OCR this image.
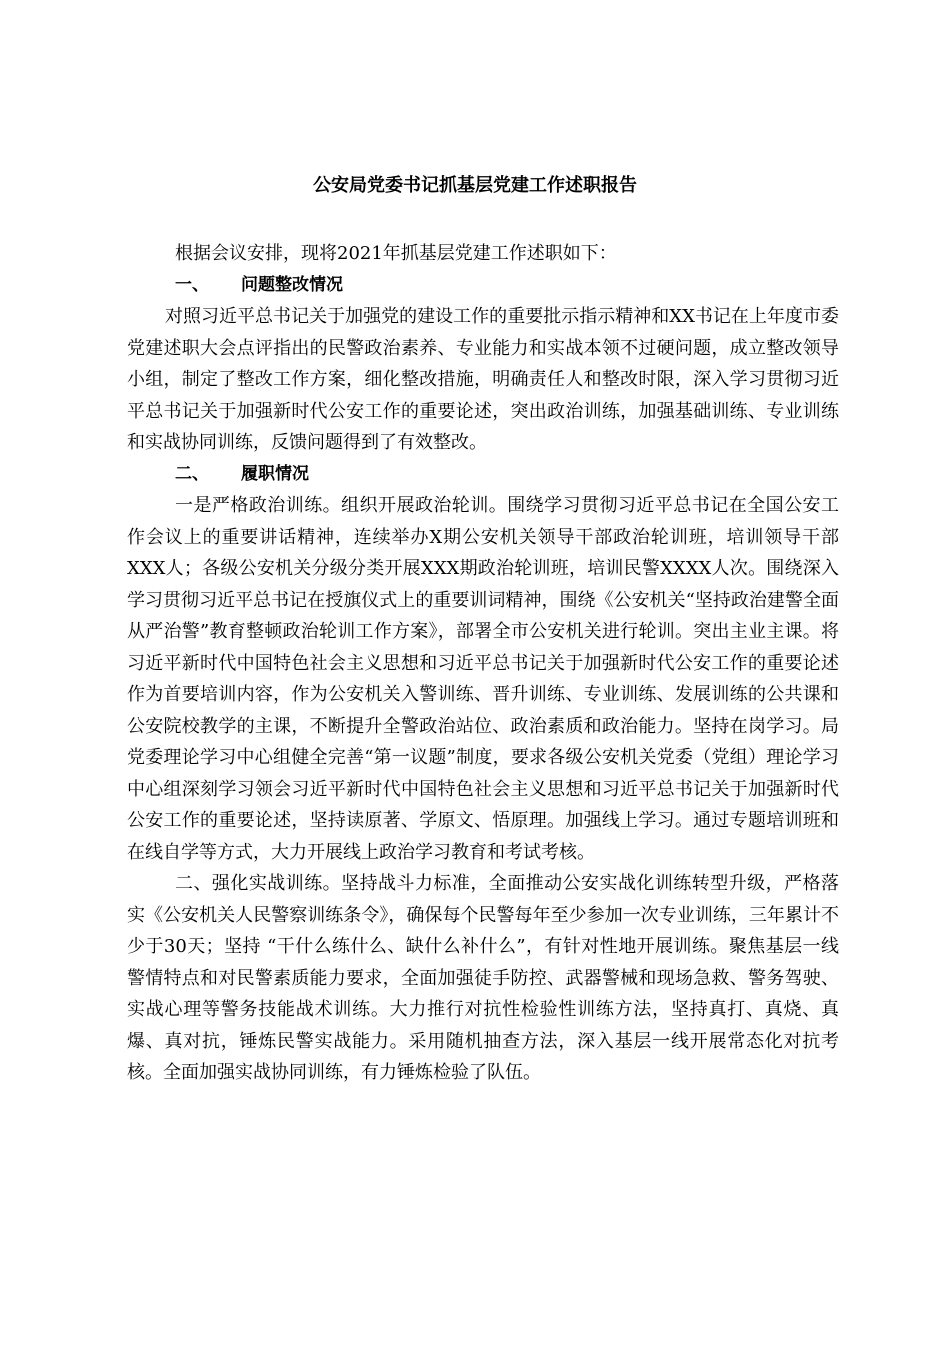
公安局党委书记抓基层党建工作述职报告

根据会议安排，现将2021年抓基层党建工作述职如下：

一、 问题整改情况

对照习近平总书记关于加强党的建设工作的重要批示指示精神和XX书记在上年度市委党建述职大会点评指出的民警政治素养、专业能力和实战本领不过硬问题，成立整改领导小组，制定了整改工作方案，细化整改措施，明确责任人和整改时限，深入学习贯彻习近平总书记关于加强新时代公安工作的重要论述，突出政治训练，加强基础训练、专业训练和实战协同训练，反馈问题得到了有效整改。

二、 履职情况

一是严格政治训练。组织开展政治轮训。围绕学习贯彻习近平总书记在全国公安工作会议上的重要讲话精神，连续举办X期公安机关领导干部政治轮训班，培训领导干部XXX人；各级公安机关分级分类开展XXX期政治轮训班，培训民警XXXX人次。围绕深入学习贯彻习近平总书记在授旗仪式上的重要训词精神，围绕《公安机关“坚持政治建警全面从严治警”教育整顿政治轮训工作方案》，部署全市公安机关进行轮训。突出主业主课。将习近平新时代中国特色社会主义思想和习近平总书记关于加强新时代公安工作的重要论述作为首要培训内容，作为公安机关入警训练、晋升训练、专业训练、发展训练的公共课和公安院校教学的主课，不断提升全警政治站位、政治素质和政治能力。坚持在岗学习。局党委理论学习中心组健全完善“第一议题”制度，要求各级公安机关党委（党组）理论学习中心组深刻学习领会习近平新时代中国特色社会主义思想和习近平总书记关于加强新时代公安工作的重要论述，坚持读原著、学原文、悟原理。加强线上学习。通过专题培训班和在线自学等方式，大力开展线上政治学习教育和考试考核。

二、强化实战训练。坚持战斗力标准，全面推动公安实战化训练转型升级，严格落实《公安机关人民警察训练条令》，确保每个民警每年至少参加一次专业训练，三年累计不少于30天；坚持 “干什么练什么、缺什么补什么”，有针对性地开展训练。聚焦基层一线警情特点和对民警素质能力要求，全面加强徒手防控、武器警械和现场急救、警务驾驶、实战心理等警务技能战术训练。大力推行对抗性检验性训练方法，坚持真打、真烧、真爆、真对抗，锤炼民警实战能力。采用随机抽查方法，深入基层一线开展常态化对抗考核。全面加强实战协同训练，有力锤炼检验了队伍。
